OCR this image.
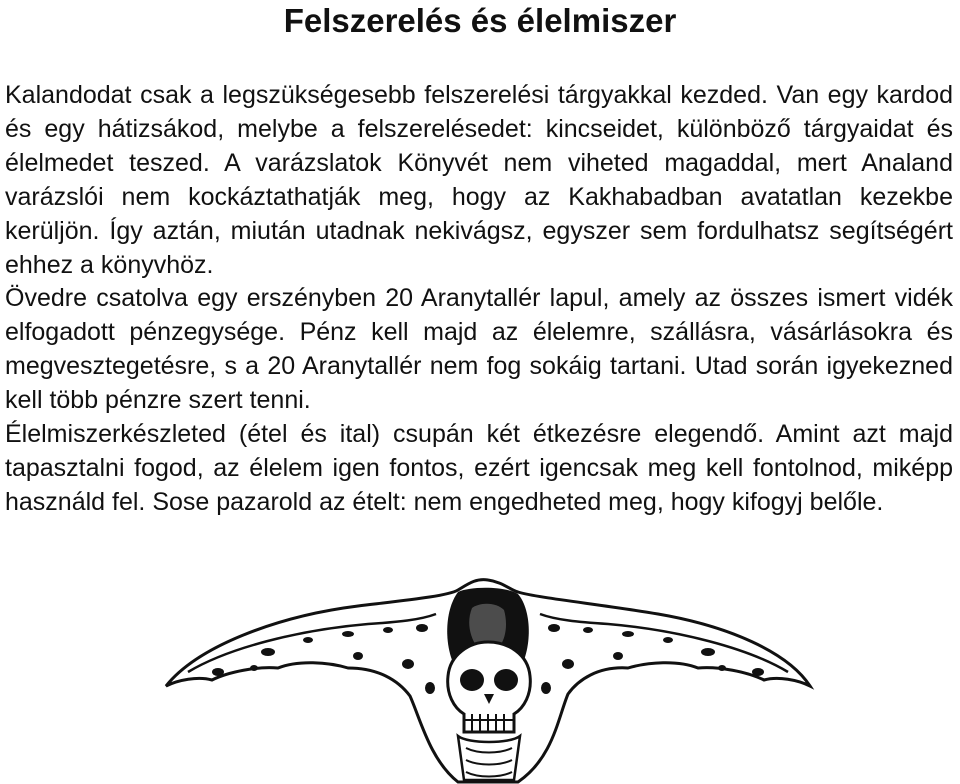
Felszerelés és élelmiszer

Kalandodat csak a legszükségesebb felszerelési tárgyakkal kezded. Van egy kardod és egy hátizsákod, melybe a felszerelésedet: kincseidet, különböző tárgyaidat és élelmedet teszed. A varázslatok Könyvét nem viheted magaddal, mert Analand varázslói nem kockáztathatják meg, hogy az Kakhabadban avatatlan kezekbe kerüljön. Így aztán, miután utadnak nekivágsz, egyszer sem fordulhatsz segítségért ehhez a könyvhöz.

Övedre csatolva egy erszényben 20 Aranytallér lapul, amely az összes ismert vidék elfogadott pénzegysége. Pénz kell majd az élelemre, szállásra, vásárlásokra és megvesztegetésre, s a 20 Aranytallér nem fog sokáig tartani. Utad során igyekezned kell több pénzre szert tenni.

Élelmiszerkészleted (étel és ital) csupán két étkezésre elegendő. Amint azt majd tapasztalni fogod, az élelem igen fontos, ezért igencsak meg kell fontolnod, miképp használd fel. Sose pazarold az ételt: nem engedheted meg, hogy kifogyj belőle.
